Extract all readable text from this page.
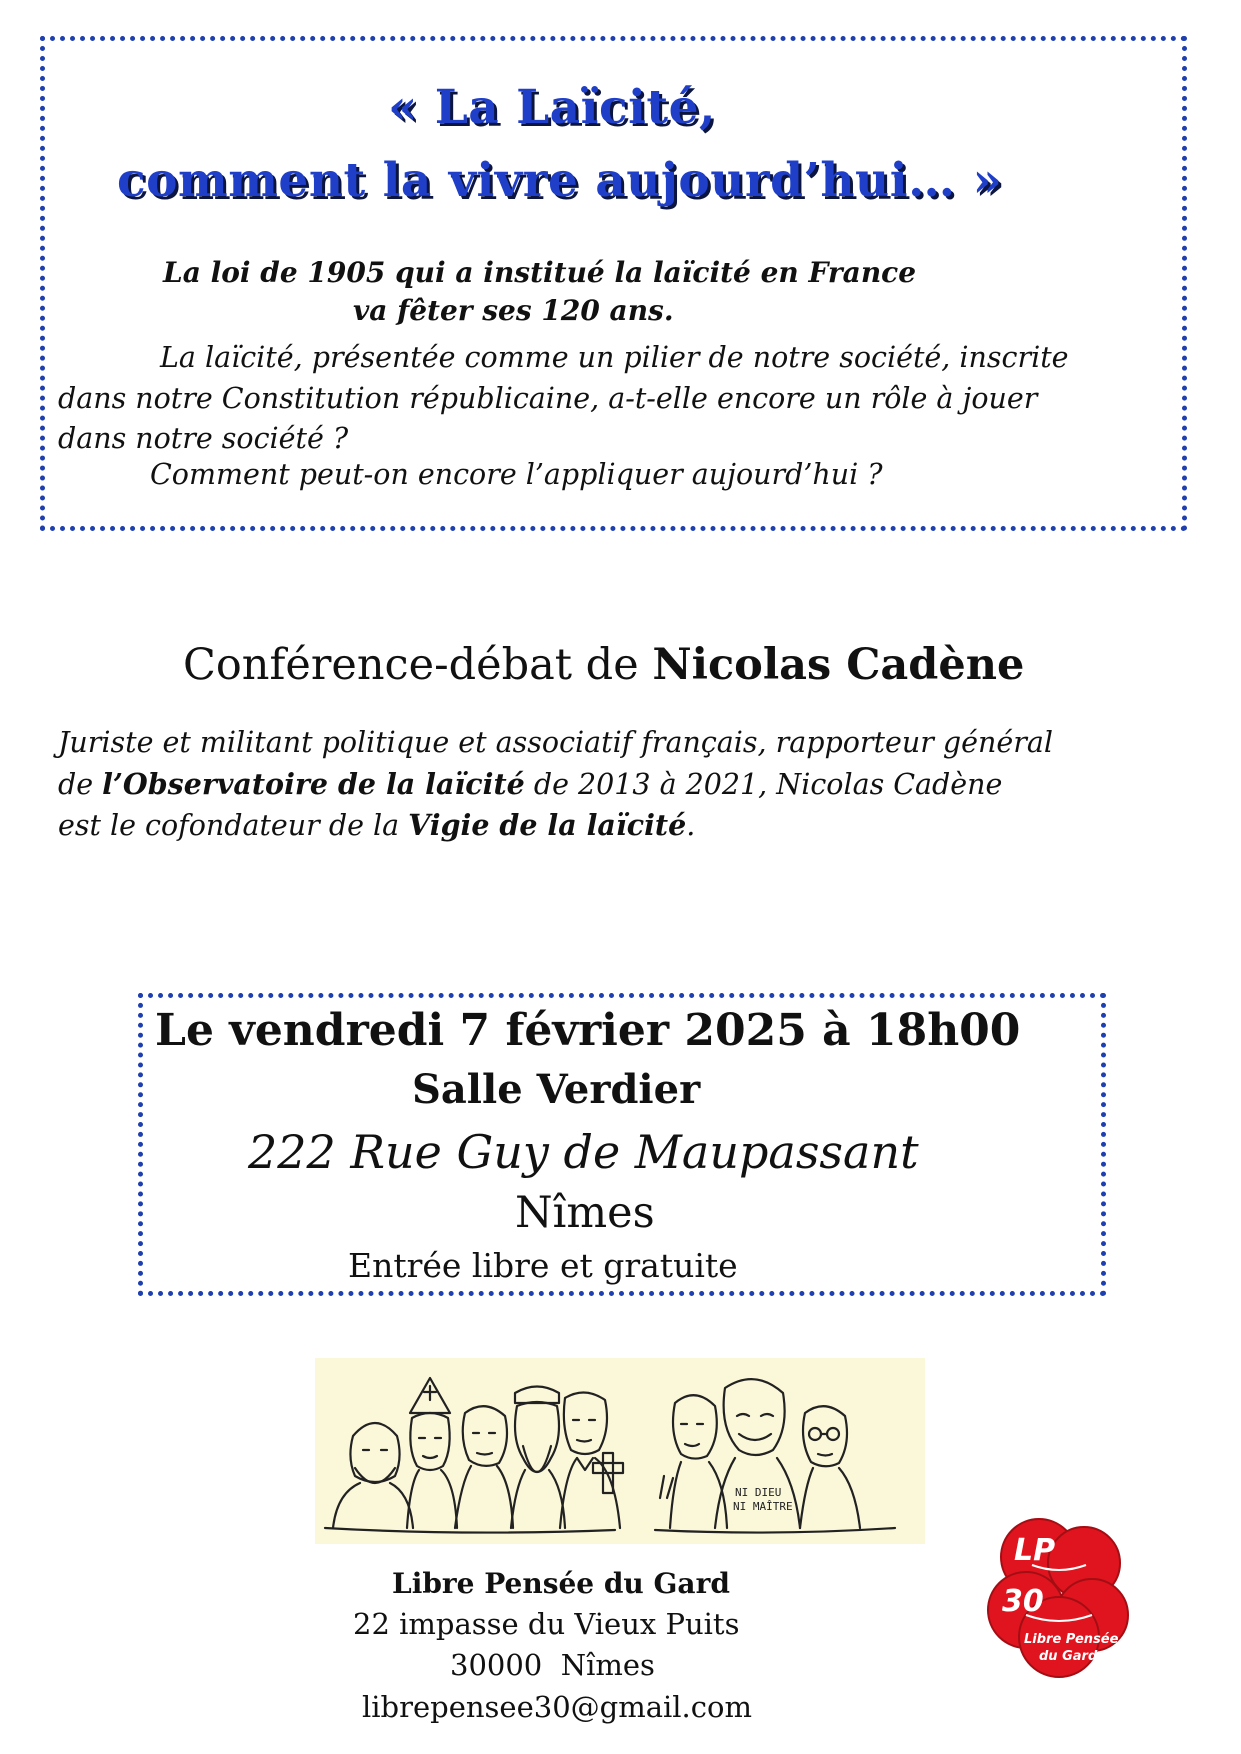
« La Laïcité,
comment la vivre aujourd’hui… »
La loi de 1905 qui a institué la laïcité en France
va fêter ses 120 ans.
La laïcité, présentée comme un pilier de notre société, inscrite
dans notre Constitution républicaine, a-t-elle encore un rôle à jouer
dans notre société ?
Comment peut-on encore l’appliquer aujourd’hui ?
Conférence-débat de Nicolas Cadène
Juriste et militant politique et associatif français, rapporteur général
de l’Observatoire de la laïcité de 2013 à 2021, Nicolas Cadène
est le cofondateur de la Vigie de la laïcité.
Le vendredi 7 février 2025 à 18h00
Salle Verdier
222 Rue Guy de Maupassant
Nîmes
Entrée libre et gratuite
NI DIEU
NI MAÎTRE
Libre Pensée du Gard
22 impasse du Vieux Puits
30000  Nîmes
librepensee30@gmail.com
LP
30
Libre Pensée
du Gard
